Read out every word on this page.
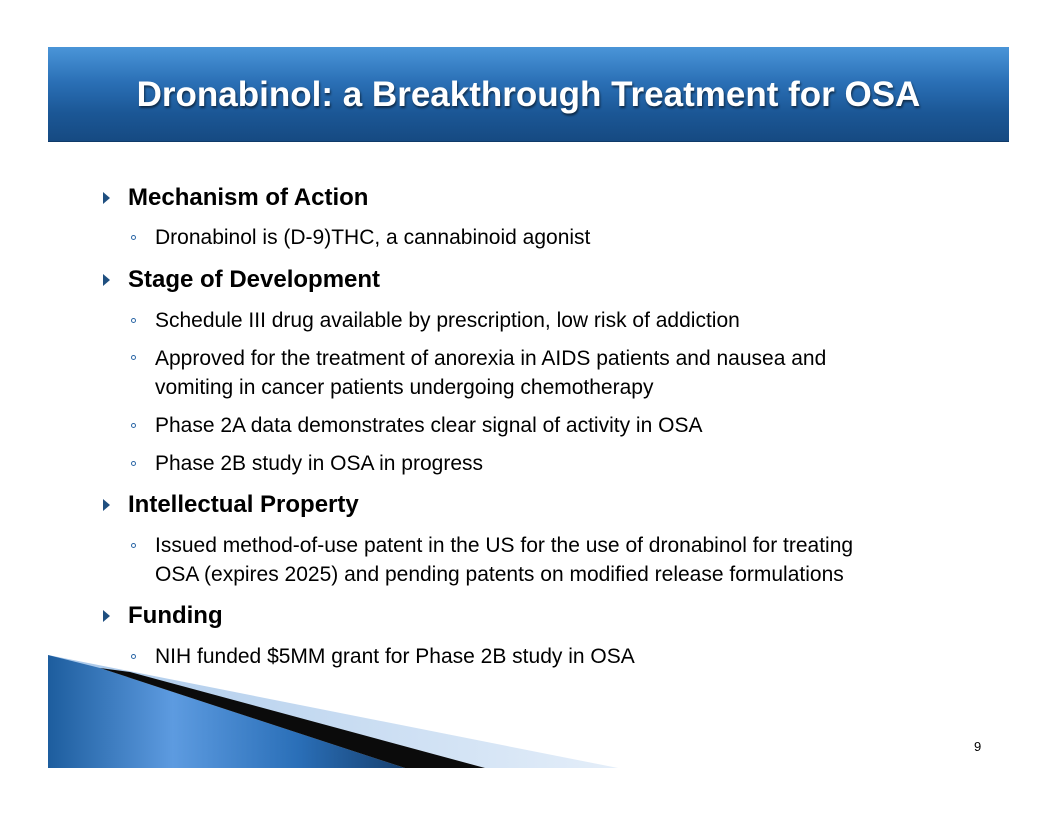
Dronabinol: a Breakthrough Treatment for OSA
Mechanism of Action
Dronabinol is (D-9)THC, a cannabinoid agonist
Stage of Development
Schedule III drug available by prescription, low risk of addiction
Approved for the treatment of anorexia in AIDS patients and nausea and
vomiting in cancer patients undergoing chemotherapy
Phase 2A data demonstrates clear signal of activity in OSA
Phase 2B study in OSA in progress
Intellectual Property
Issued method-of-use patent in the US for the use of dronabinol for treating
OSA (expires 2025) and pending patents on modified release formulations
Funding
NIH funded $5MM grant for Phase 2B study in OSA
9
